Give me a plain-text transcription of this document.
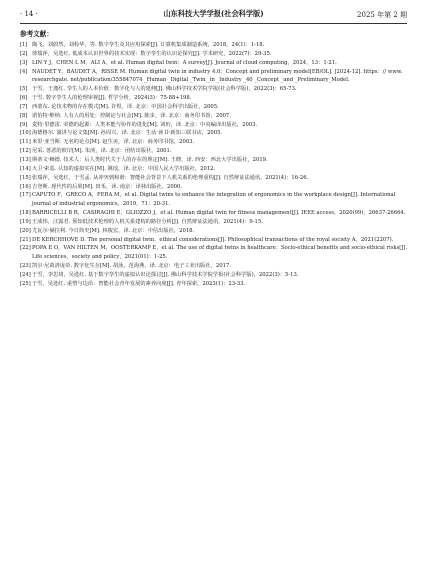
· 14 ·	山东科技大学学报(社会科学版)	2025 年第 2 期
参考文献：
[1] 陶飞，刘蔚然，刘检华，等. 数字孪生及其应用探索[J]. 计算机集成制造系统，2018，24(1)：1-18.
[2] 徐瑞萍，吴选红. 低成本认识世界的技术实现：数字孪生的认识论探究[J]. 学术研究，2022(7)：29-35.
[3] LIN Y J，CHEN L M，ALI A，et al. Human digital twin：A survey[J]. Journal of cloud computing，2024，13：1-21.
[4] NAUDET Y，BAUDET A，RISSE M. Human digital twin in industry 4.0：Concept and preliminary model[EB/OL]. [2024-12]. https：// www. researchgate. net/publication/355847074 _Human _Digital _Twin _in _Industry _40 _Concept _and _Preliminary_Model.
[5] 于雪，王逸红. 孪生人的人本价值：数字化与人的延伸[J]. 佛山科学技术学院学报(社会科学版)，2022(3)：65-73.
[6] 于雪. 数字孪生人的伦理审视[J]. 哲学分析，2024(3)：75-88+198.
[7] 西蒙东. 论技术物的存在模式[M]. 许煜，译. 北京：中国社会科学出版社，2005.
[8] 诺伯特·维纳. 人有人的用处：控制论与社会[M]. 陈步，译. 北京：商务印书馆，2007.
[9] 麦特·里德雷. 美德的起源：人类本能与协作的进化[M]. 刘珩，译. 北京：中央编译出版社，2003.
[10] 海德格尔. 演讲与论文集[M]. 孙周兴，译. 北京：生活·读书·新知三联书店，2005.
[11] 米里·亚当斯. 无名的论点[M]. 赵生美，译. 北京：商务印书馆，2003.
[12] 尼采. 善恶的彼岸[M]. 朱泱，译. 北京：团结出版社，2001.
[13] 斯蒂文·赖德. 技术人：后人类时代关于人的存在的规定[M]. 王晓，译. 西安：西北大学出版社，2019.
[14] 大卫·索基. 认知的虚拟实在[M]. 姚瑶，译. 北京：中国人民大学出版社，2012.
[15] 张瑞萍，吴选红，于雪孟. 从冲突到和谐：智能社会背景下人机关系的伦理重构[J]. 自然辩证法通讯，2021(4)：16-26.
[16] 吉登斯. 现代性的后果[M]. 田禾，译. 南京：译林出版社，2000.
[17] CAPUTO F，GRECO A，FERA M，et al. Digital twins to enhance the integration of ergonomics in the workplace design[J]. International journal of industrial ergonomics，2019，71：20-31.
[18] BARRICELLI B R，CASIRAGHI E，GLIOZZO J，et al. Human digital twin for fitness management[J]. IEEE access，2020(99)，26637-26664.
[19] 王成伟，汪露君. 预知低技术伦理的人机关系建构的路径分析[J]. 自然辩证法通讯，2021(4)：9-15.
[20] 尤瓦尔·赫拉利. 今日简史[M]. 林俊宏，译. 北京：中信出版社，2018.
[21] DE KERCHHOVE D. The personal digital twin，ethical considerations[J]. Philosophical transactions of the royal society A，2021(2207).
[22] POPA E O，VAN HILTEN M，OOSTERKAMP E，et al. The use of digital twins in healthcare：Socio-ethical benefits and socio-ethical risks[J]. Life sciences，society and policy，2021(01)：1-25.
[23] 凯尔·尼葛洛庞帝. 数字化生存[M]. 胡泳，范海燕，译. 北京：电子工业出版社，2017.
[24] 于雪，李思琦，吴选红. 基于数字孪生的虚拟认识论探讨[J]. 佛山科学技术学院学报(社会科学版)，2022(3)：5-13.
[25] 于雪，吴选红. 重塑与边沿：智能社会青年发展的素养向度[J]. 青年探索，2023(1)：23-33.
